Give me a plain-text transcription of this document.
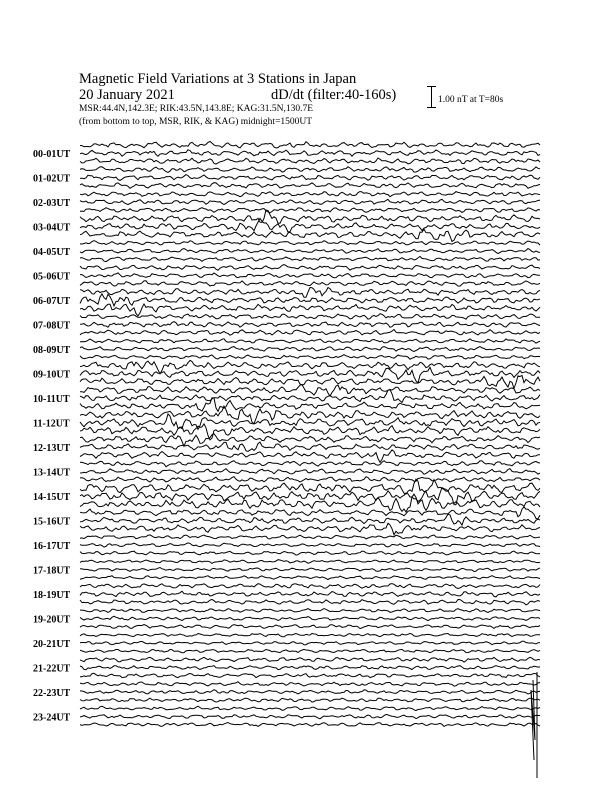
Magnetic Field Variations at 3 Stations in Japan
20 January 2021	dD/dt (filter:40-160s)
MSR:44.4N,142.3E; RIK:43.5N,143.8E; KAG:31.5N,130.7E
(from bottom to top, MSR, RIK, & KAG) midnight=1500UT
1.00 nT at T=80s
00-01UT
01-02UT
02-03UT
03-04UT
04-05UT
05-06UT
06-07UT
07-08UT
08-09UT
09-10UT
10-11UT
11-12UT
12-13UT
13-14UT
14-15UT
15-16UT
16-17UT
17-18UT
18-19UT
19-20UT
20-21UT
21-22UT
22-23UT
23-24UT
